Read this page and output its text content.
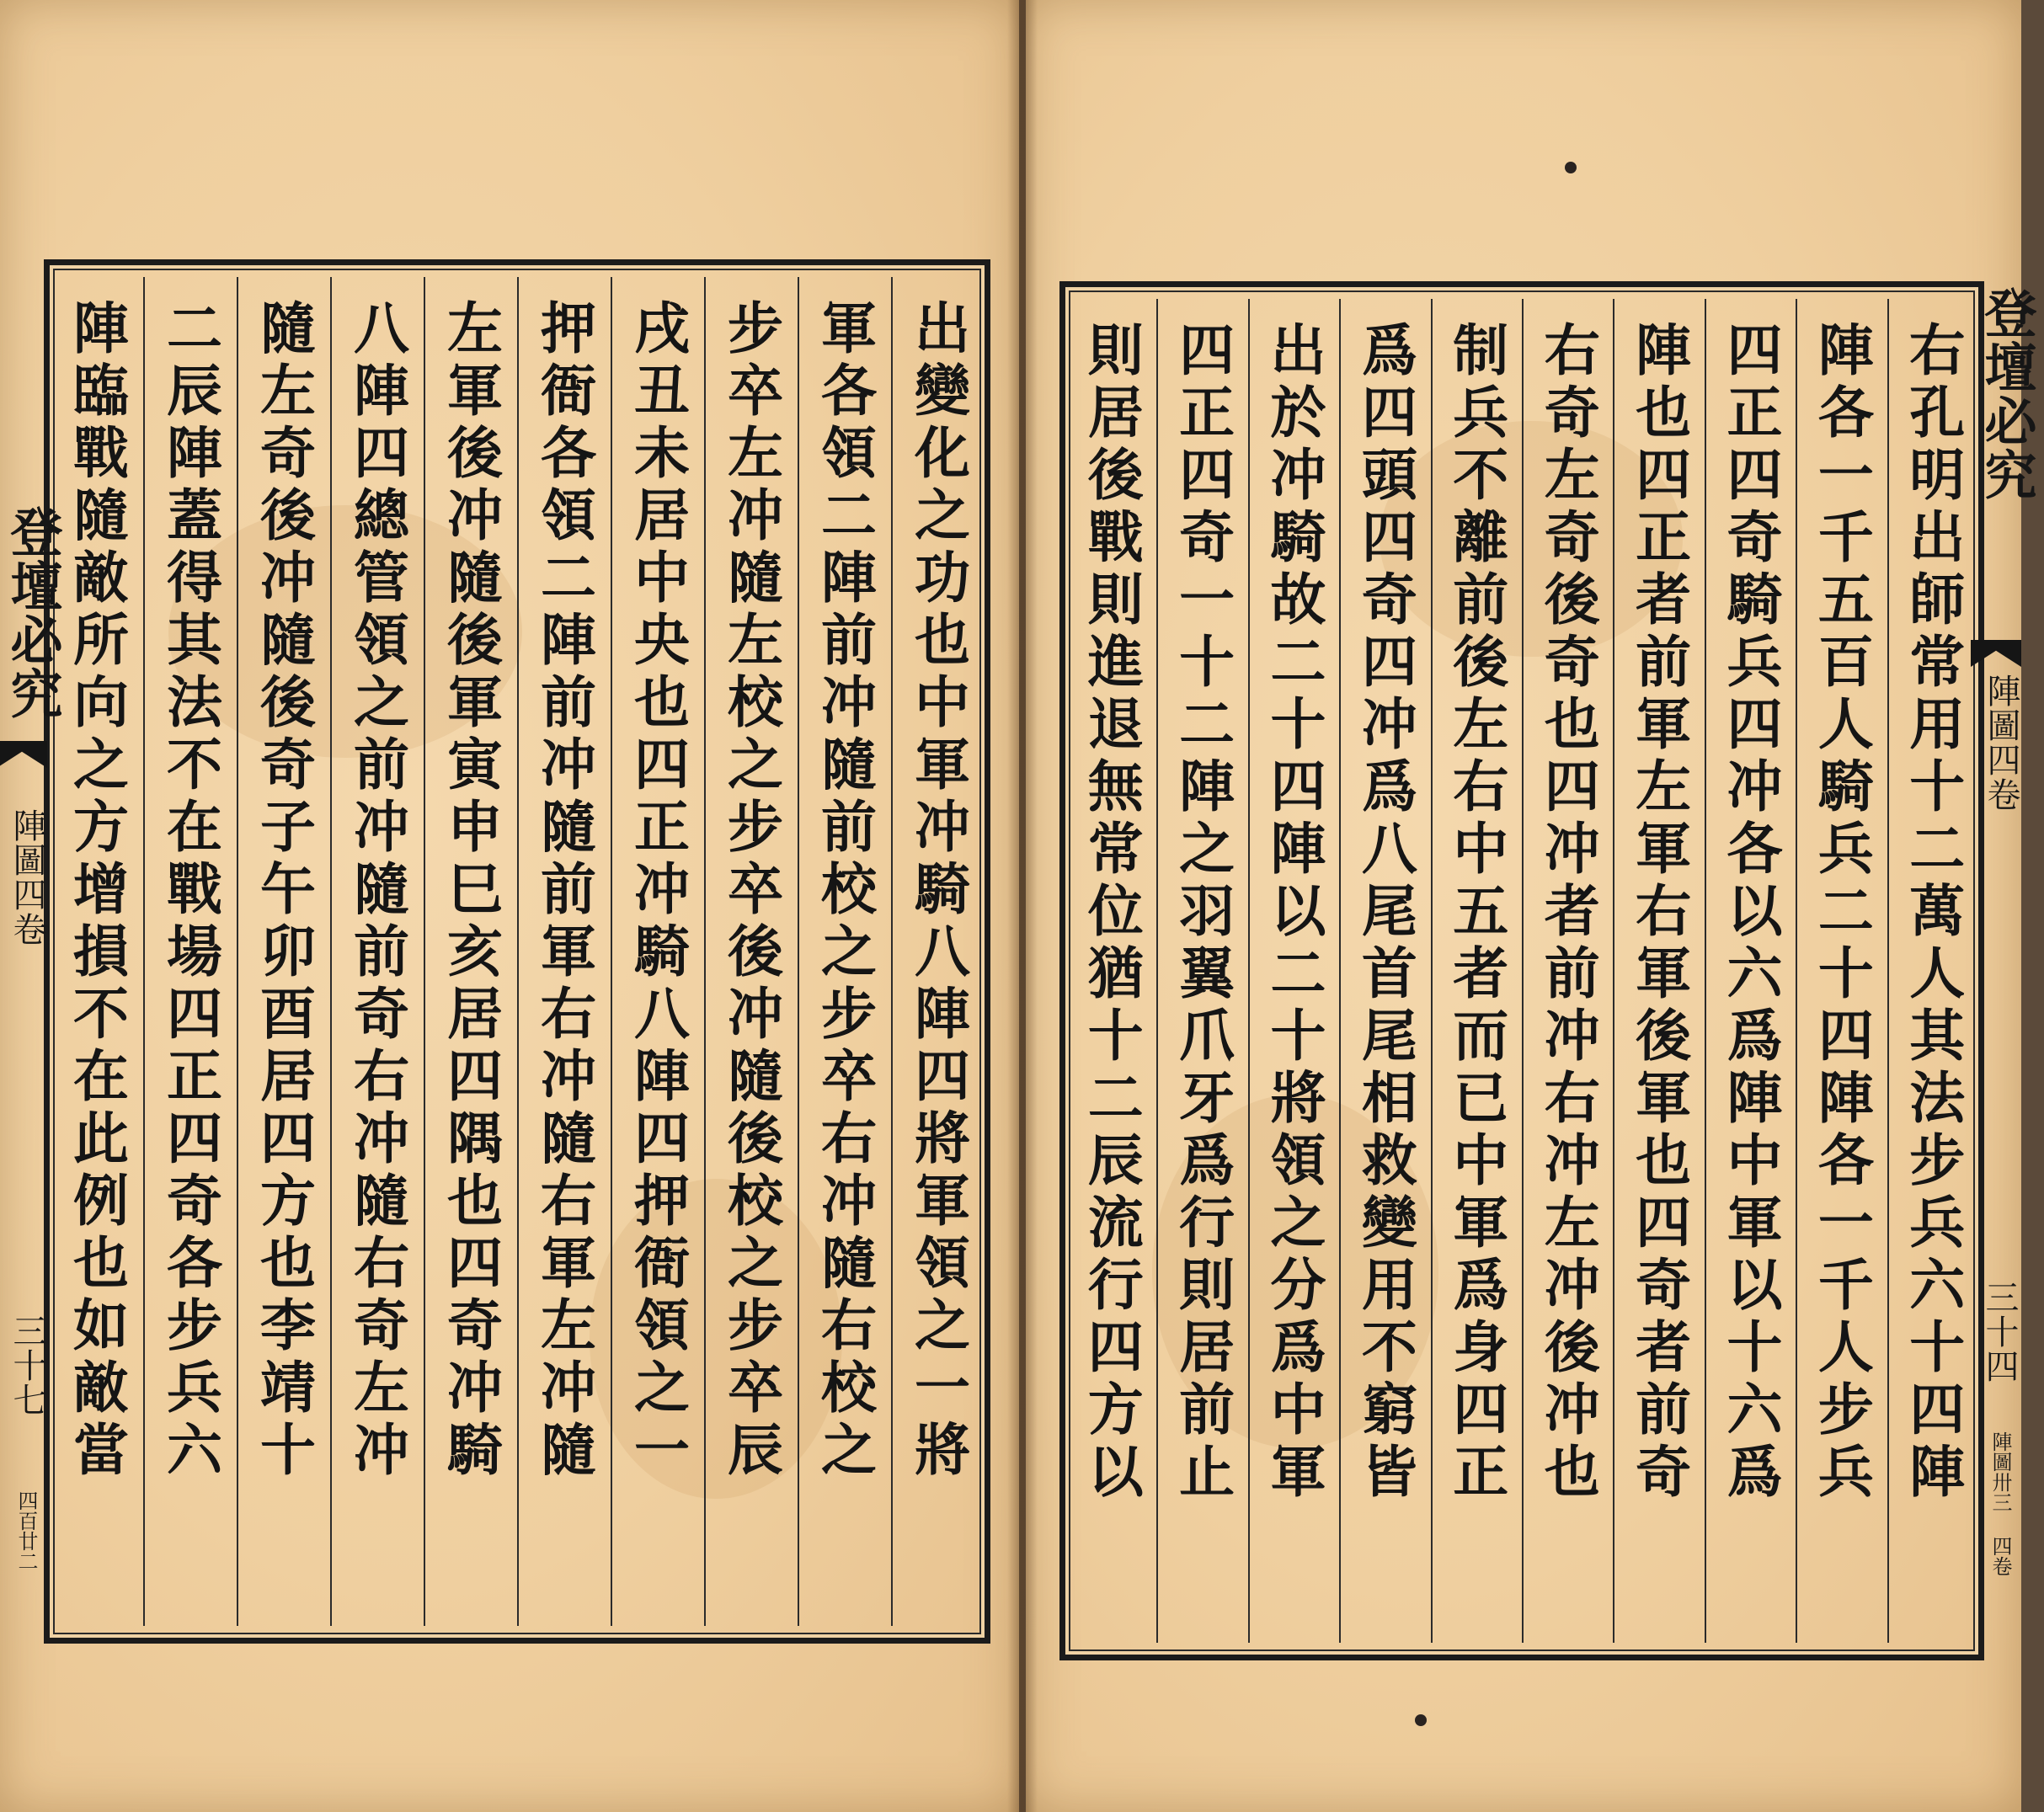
出變化之功也中軍冲騎八陣四將軍領之一將
軍各領二陣前冲隨前校之步卒右冲隨右校之
步卒左冲隨左校之步卒後冲隨後校之步卒辰
戌丑未居中央也四正冲騎八陣四押衙領之一
押衙各領二陣前冲隨前軍右冲隨右軍左冲隨
左軍後冲隨後軍寅申巳亥居四隅也四奇冲騎
八陣四總管領之前冲隨前奇右冲隨右奇左冲
隨左奇後冲隨後奇子午卯酉居四方也李靖十
二辰陣蓋得其法不在戰場四正四奇各步兵六
陣臨戰隨敵所向之方增損不在此例也如敵當
登壇必究
陣圖四卷
三十七
四百廿二
右孔明出師常用十二萬人其法步兵六十四陣
陣各一千五百人騎兵二十四陣各一千人步兵
四正四奇騎兵四冲各以六爲陣中軍以十六爲
陣也四正者前軍左軍右軍後軍也四奇者前奇
右奇左奇後奇也四冲者前冲右冲左冲後冲也
制兵不離前後左右中五者而已中軍爲身四正
爲四頭四奇四冲爲八尾首尾相救變用不窮皆
出於冲騎故二十四陣以二十將領之分爲中軍
四正四奇一十二陣之羽翼爪牙爲行則居前止
則居後戰則進退無常位猶十二辰流行四方以	登壇必究
陣圖四卷
三十四
陣圖卅三 四卷
